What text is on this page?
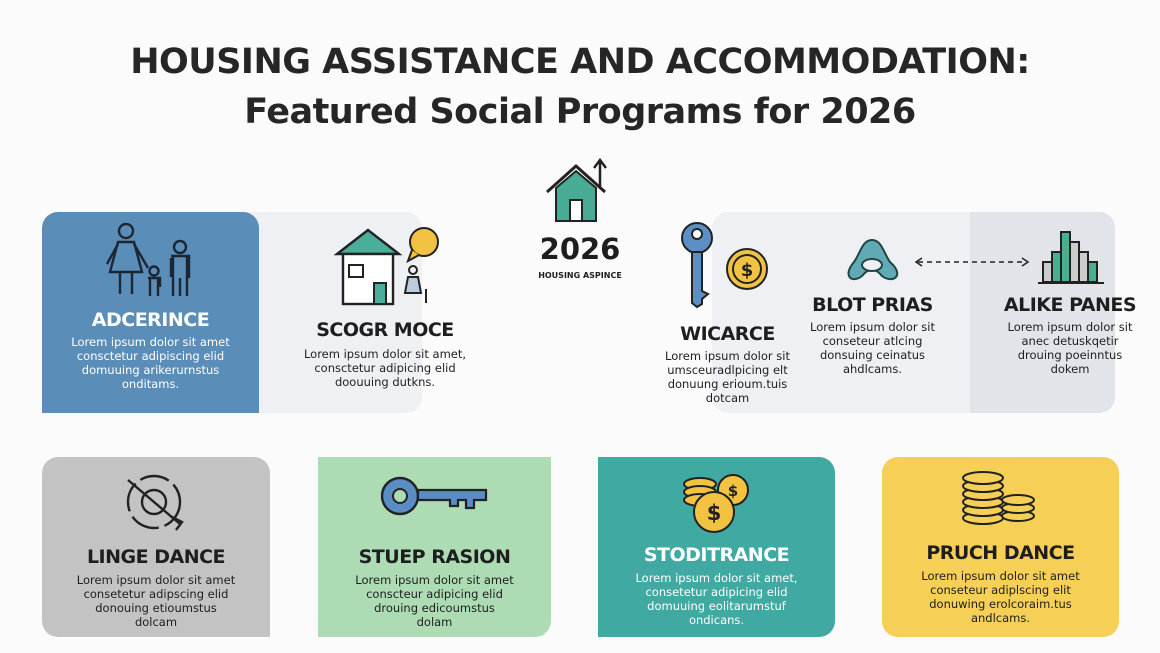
HOUSING ASSISTANCE AND ACCOMMODATION:
Featured Social Programs for 2026
2026
HOUSING ASPINCE
ADCERINCE
Lorem ipsum dolor sit amet
consctetur adipiscing elid
domuuing arikerurnstus
onditams.
SCOGR MOCE
Lorem ipsum dolor sit amet,
consctetur adipicing elid
doouuing dutkns.
$
WICARCE
Lorem ipsum dolor sit
umsceuradlpicing elt
donuung erioum.tuis
dotcam
BLOT PRIAS
Lorem ipsum dolor sit
conseteur atlcing
donsuing ceinatus
ahdlcams.
ALIKE PANES
Lorem ipsum dolor sit
anec detuskqetir
drouing poeinntus
dokem
$
$
LINGE DANCE
Lorem ipsum dolor sit amet
consetetur adipscing elid
donouing etioumstus
dolcam
STUEP RASION
Lorem ipsum dolor sit amet
conscteur adipicing elid
drouing edicoumstus
dolam
STODITRANCE
Lorem ipsum dolor sit amet,
consetetur adipicing elid
domuuing eolitarumstuf
ondicans.
PRUCH DANCE
Lorem ipsum dolor sit amet
conseteur adiplscing elit
donuwing erolcoraim.tus
andlcams.
